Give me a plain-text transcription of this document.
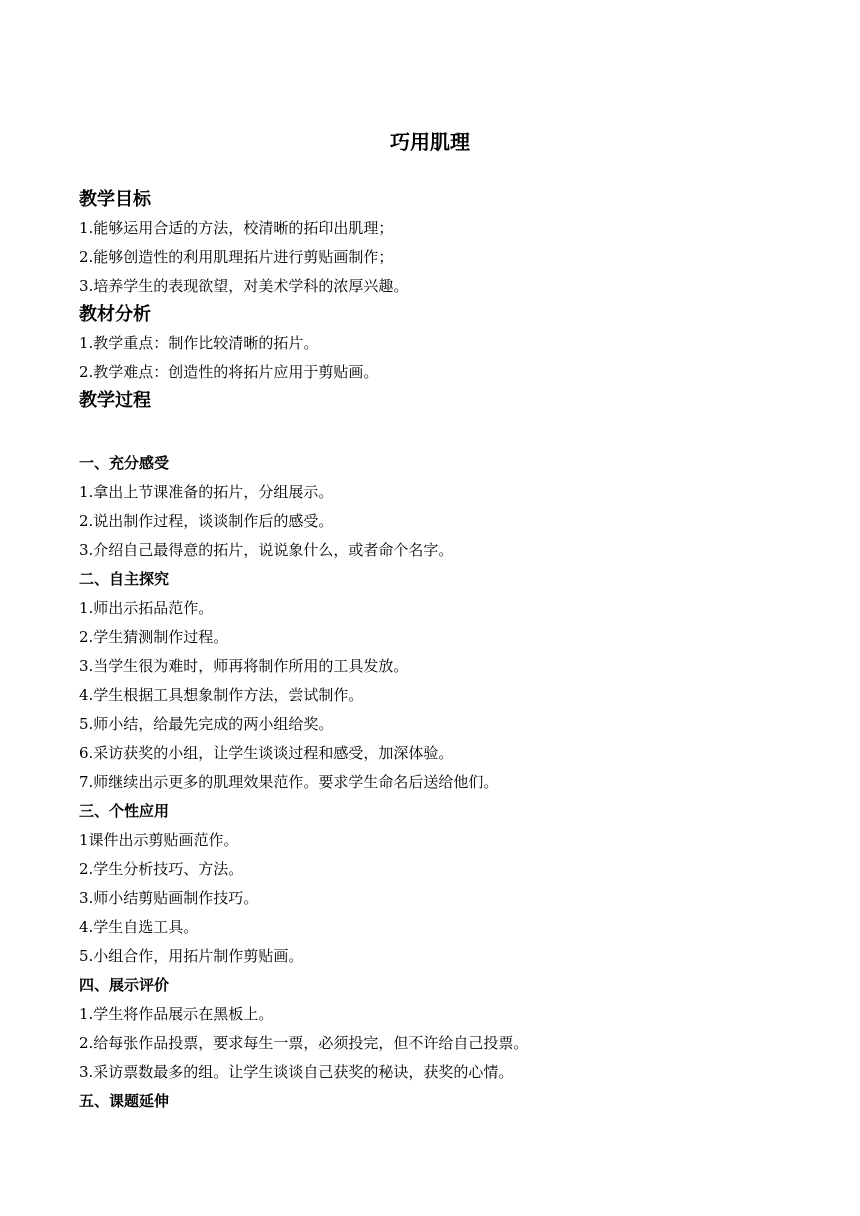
巧用肌理
教学目标
1.能够运用合适的方法，校清晰的拓印出肌理；
2.能够创造性的利用肌理拓片进行剪贴画制作；
3.培养学生的表现欲望，对美术学科的浓厚兴趣。
教材分析
1.教学重点：制作比较清晰的拓片。
2.教学难点：创造性的将拓片应用于剪贴画。
教学过程
一、充分感受
1.拿出上节课准备的拓片，分组展示。
2.说出制作过程，谈谈制作后的感受。
3.介绍自己最得意的拓片，说说象什么，或者命个名字。
二、自主探究
1.师出示拓品范作。
2.学生猜测制作过程。
3.当学生很为难时，师再将制作所用的工具发放。
4.学生根据工具想象制作方法，尝试制作。
5.师小结，给最先完成的两小组给奖。
6.采访获奖的小组，让学生谈谈过程和感受，加深体验。
7.师继续出示更多的肌理效果范作。要求学生命名后送给他们。
三、个性应用
1课件出示剪贴画范作。
2.学生分析技巧、方法。
3.师小结剪贴画制作技巧。
4.学生自选工具。
5.小组合作，用拓片制作剪贴画。
四、展示评价
1.学生将作品展示在黑板上。
2.给每张作品投票，要求每生一票，必须投完，但不许给自己投票。
3.采访票数最多的组。让学生谈谈自己获奖的秘诀，获奖的心情。
五、课题延伸
